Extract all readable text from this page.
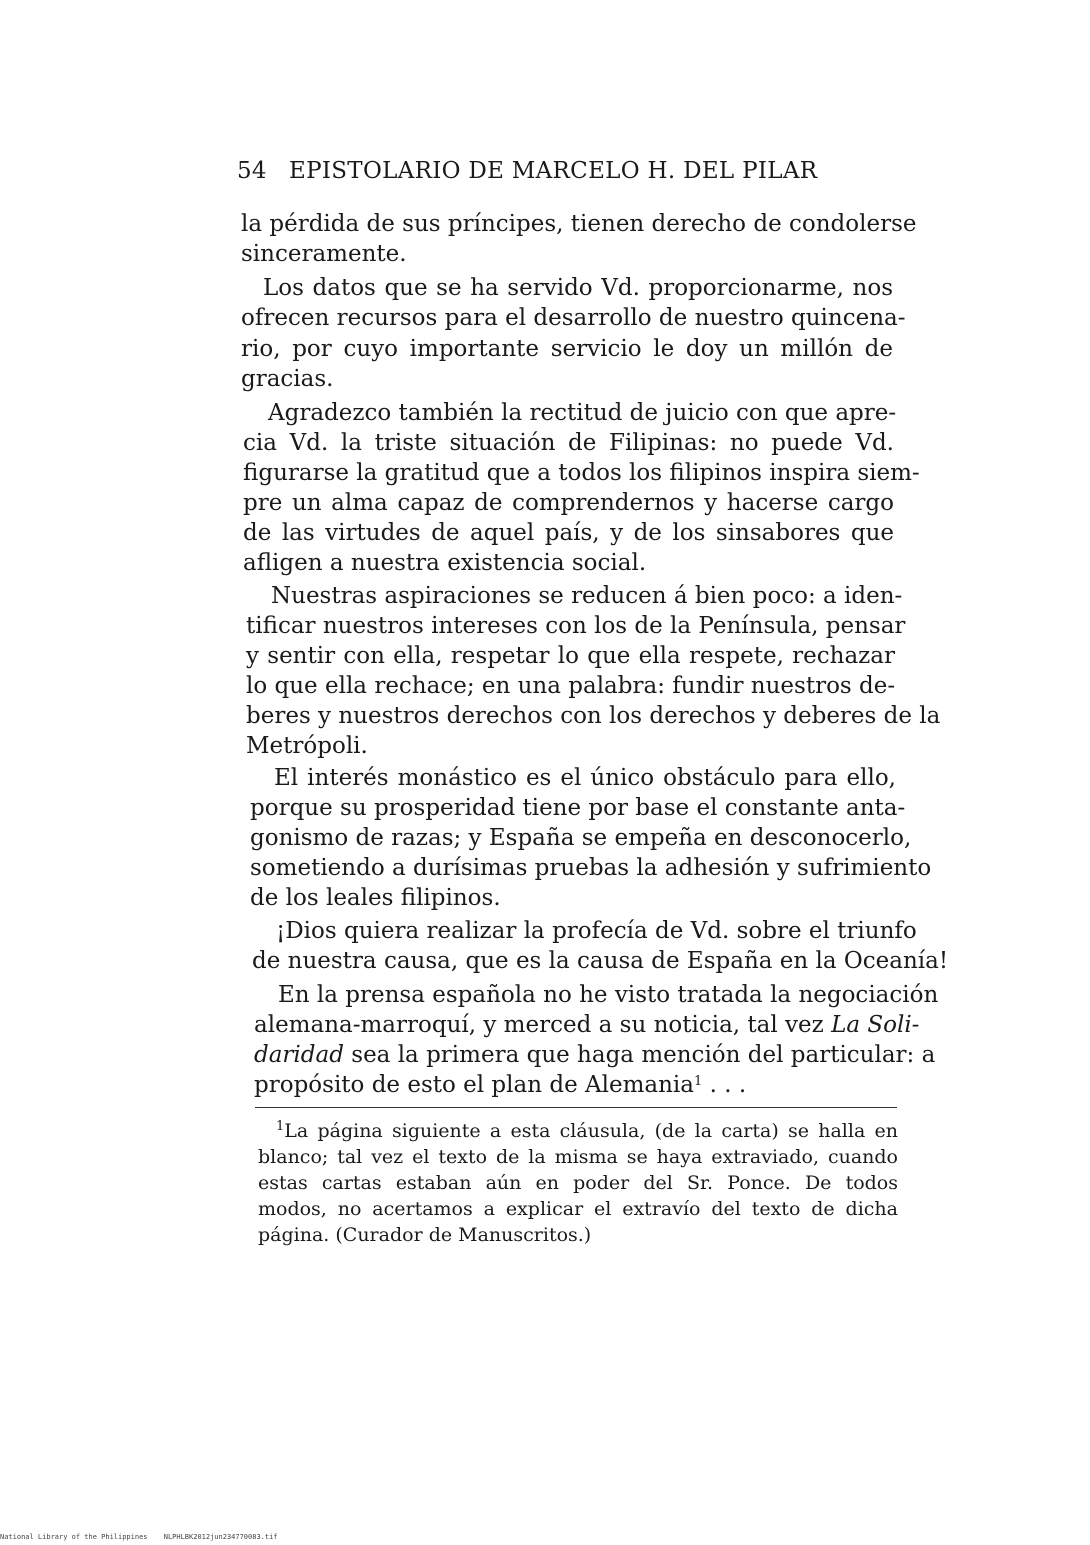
54 EPISTOLARIO DE MARCELO H. DEL PILAR
la pérdida de sus príncipes, tienen derecho de condolerse
sinceramente.
Los datos que se ha servido Vd. proporcionarme, nos
ofrecen recursos para el desarrollo de nuestro quincena-
rio, por cuyo importante servicio le doy un millón de
gracias.
Agradezco también la rectitud de juicio con que apre-
cia Vd. la triste situación de Filipinas: no puede Vd.
figurarse la gratitud que a todos los filipinos inspira siem-
pre un alma capaz de comprendernos y hacerse cargo
de las virtudes de aquel país, y de los sinsabores que
afligen a nuestra existencia social.
Nuestras aspiraciones se reducen á bien poco: a iden-
tificar nuestros intereses con los de la Península, pensar
y sentir con ella, respetar lo que ella respete, rechazar
lo que ella rechace; en una palabra: fundir nuestros de-
beres y nuestros derechos con los derechos y deberes de la
Metrópoli.
El interés monástico es el único obstáculo para ello,
porque su prosperidad tiene por base el constante anta-
gonismo de razas; y España se empeña en desconocerlo,
sometiendo a durísimas pruebas la adhesión y sufrimiento
de los leales filipinos.
¡Dios quiera realizar la profecía de Vd. sobre el triunfo
de nuestra causa, que es la causa de España en la Oceanía!
En la prensa española no he visto tratada la negociación
alemana-marroquí, y merced a su noticia, tal vez La Soli-
daridad sea la primera que haga mención del particular: a
propósito de esto el plan de Alemania$^1$ . . .
$^1$La página siguiente a esta cláusula, (de la carta) se halla en
blanco; tal vez el texto de la misma se haya extraviado, cuando
estas cartas estaban aún en poder del Sr. Ponce. De todos
modos, no acertamos a explicar el extravío del texto de dicha
página. (Curador de Manuscritos.)
National Library of the Philippines NLPHLBK2012jun234770083.tif
